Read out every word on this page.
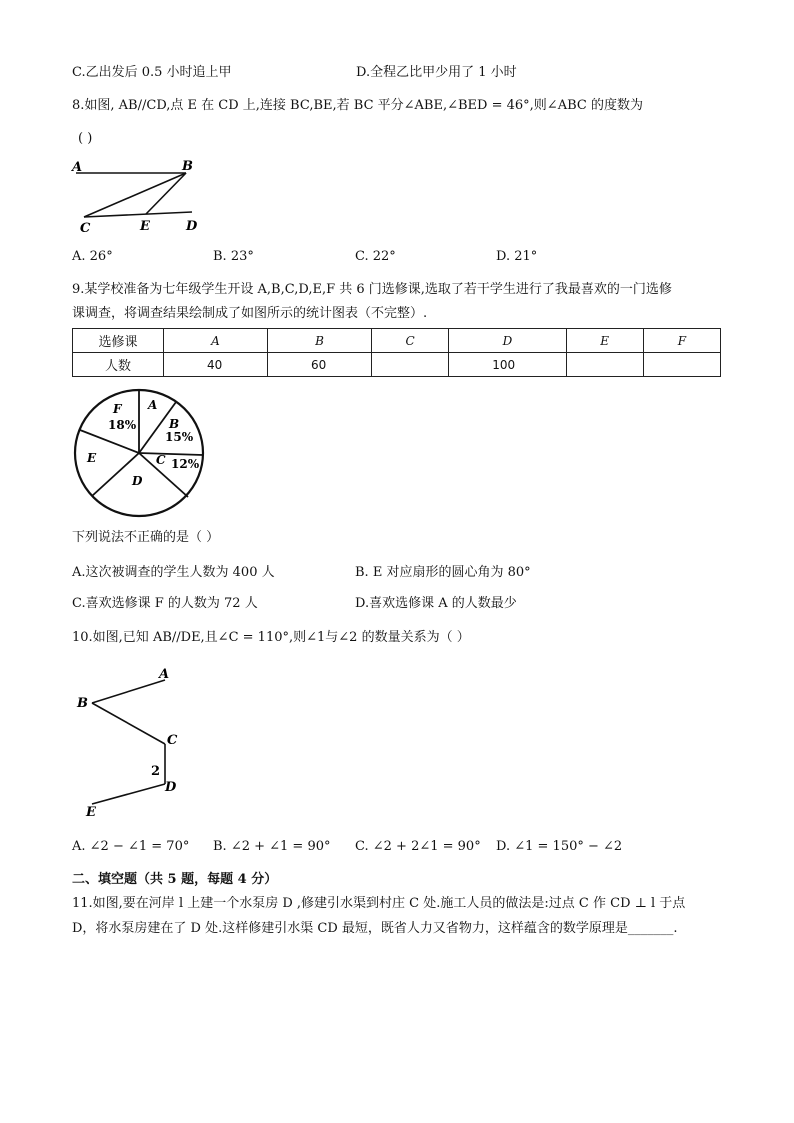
C.乙出发后 0.5 小时追上甲	D.全程乙比甲少用了 1 小时
8.如图, AB//CD,点 E 在 CD 上,连接 BC,BE,若 BC 平分∠ABE,∠BED = 46°,则∠ABC 的度数为
( )
A	B
C	E	D
A. 26°	B. 23°	C. 22°	D. 21°
9.某学校准备为七年级学生开设 A,B,C,D,E,F 共 6 门选修课,选取了若干学生进行了我最喜欢的一门选修
课调查，将调查结果绘制成了如图所示的统计图表（不完整）.
选修课	A	B	C	D	E	F
人数	40	60		100		
F
18%
A
B
15%
C 12%
D
E
下列说法不正确的是（ ）
A.这次被调查的学生人数为 400 人	B. E 对应扇形的圆心角为 80°
C.喜欢选修课 F 的人数为 72 人	D.喜欢选修课 A 的人数最少
10.如图,已知 AB//DE,且∠C = 110°,则∠1与∠2 的数量关系为（ ）
A
B
C
2
D
E
A. ∠2 − ∠1 = 70° B. ∠2 + ∠1 = 90° C. ∠2 + 2∠1 = 90° D. ∠1 = 150° − ∠2
二、填空题（共 5 题，每题 4 分）
11.如图,要在河岸 l 上建一个水泵房 D ,修建引水渠到村庄 C 处.施工人员的做法是:过点 C 作 CD ⊥ l 于点
D，将水泵房建在了 D 处.这样修建引水渠 CD 最短，既省人力又省物力，这样蕴含的数学原理是_______.
